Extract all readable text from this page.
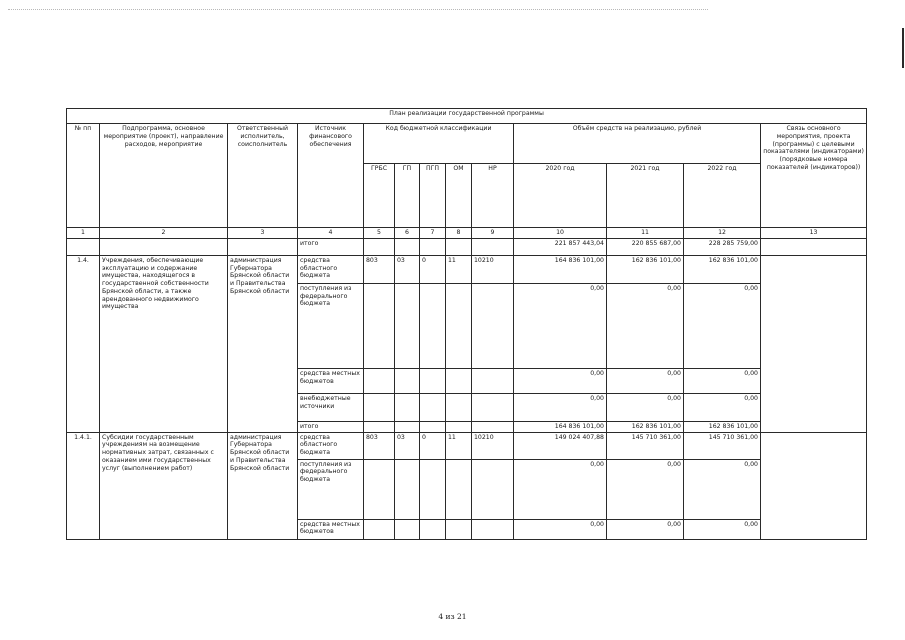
План реализации государственной программы												
№ пп	Подпрограмма, основное мероприятие (проект), направление расходов, мероприятие	Ответственный исполнитель, соисполнитель	Источник финансового обеспечения	Код бюджетной классификации					Объём средств на реализацию, рублей			Связь основного мероприятия, проекта (программы) с целевыми показателями (индикаторами) (порядковые номера показателей (индикаторов))
				ГРБС	ГП	ПГП	ОМ	НР	2020 год	2021 год	2022 год	
1	2	3	4	5	6	7	8	9	10	11	12	13
			итого						221 857 443,04	220 855 687,00	228 285 759,00	
1.4.	Учреждения, обеспечивающие эксплуатацию и содержание имущества, находящегося в государственной собственности Брянской области, а также арендованного недвижимого имущества	администрация Губернатора Брянской области и Правительства Брянской области	средства областного бюджета	803	03	0	11	10210	164 836 101,00	162 836 101,00	162 836 101,00	
			поступления из федерального бюджета						0,00	0,00	0,00	
			средства местных бюджетов						0,00	0,00	0,00	
			внебюджетные источники						0,00	0,00	0,00	
			итого						164 836 101,00	162 836 101,00	162 836 101,00	
1.4.1.	Субсидии государственным учреждениям на возмещение нормативных затрат, связанных с оказанием ими государственных услуг (выполнением работ)	администрация Губернатора Брянской области и Правительства Брянской области	средства областного бюджета	803	03	0	11	10210	149 024 407,88	145 710 361,00	145 710 361,00	
			поступления из федерального бюджета						0,00	0,00	0,00	
			средства местных бюджетов						0,00	0,00	0,00	
4 из 21
